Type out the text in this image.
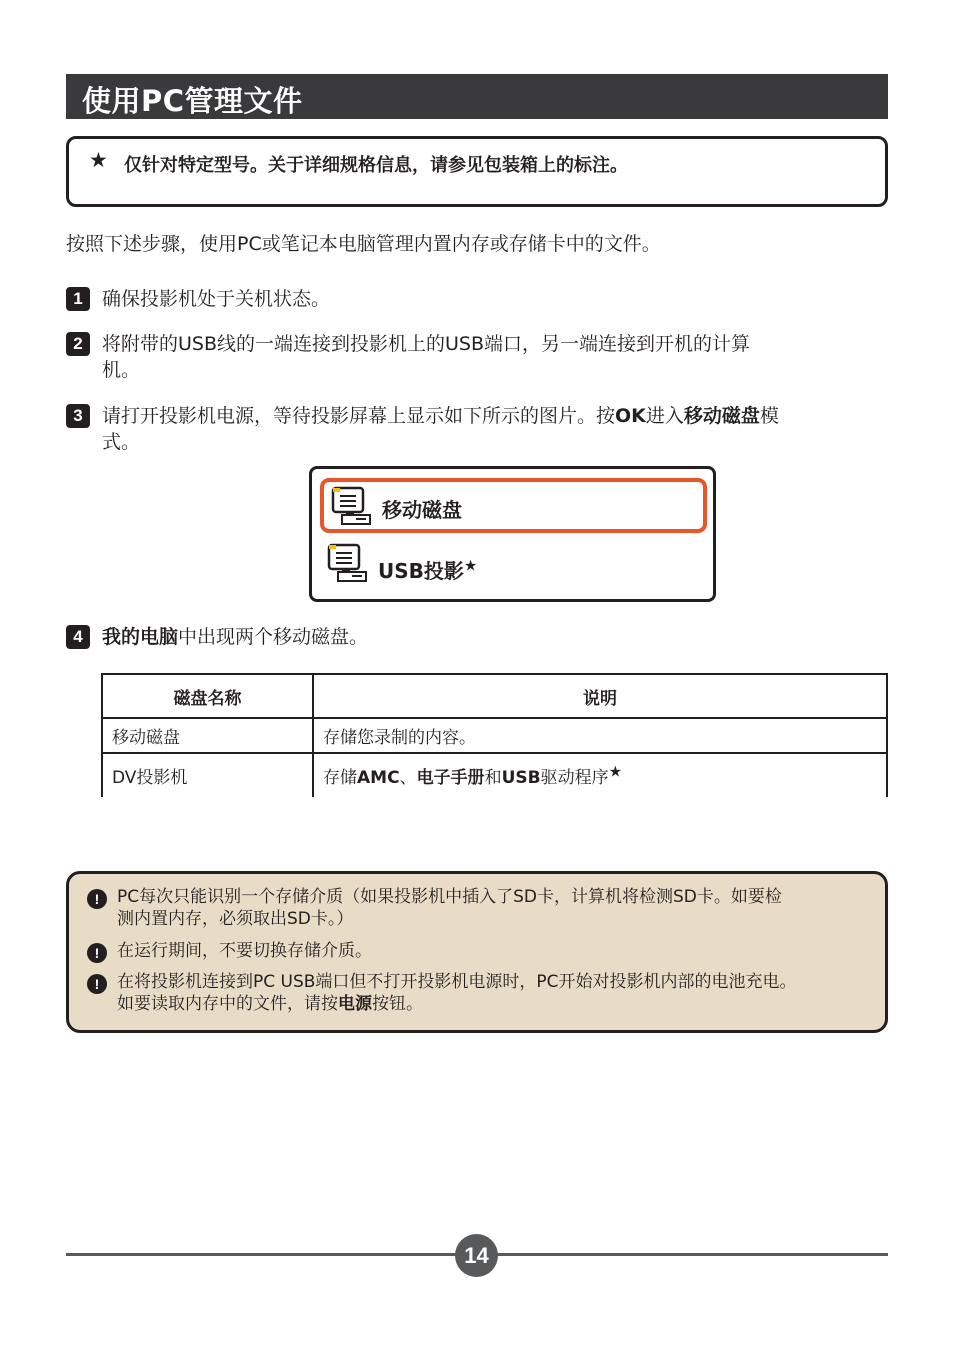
使用PC管理文件
★ 仅针对特定型号。关于详细规格信息，请参见包装箱上的标注。
按照下述步骤，使用PC或笔记本电脑管理内置内存或存储卡中的文件。
1	确保投影机处于关机状态。
2	将附带的USB线的一端连接到投影机上的USB端口，另一端连接到开机的计算
机。
3	请打开投影机电源，等待投影屏幕上显示如下所示的图片。按OK进入移动磁盘模
式。
移动磁盘
USB投影★
4	我的电脑中出现两个移动磁盘。
磁盘名称	说明
移动磁盘	存储您录制的内容。
DV投影机	存储AMC、电子手册和USB驱动程序★
!	PC每次只能识别一个存储介质（如果投影机中插入了SD卡，计算机将检测SD卡。如要检
测内置内存，必须取出SD卡。）
!	在运行期间，不要切换存储介质。
!	在将投影机连接到PC USB端口但不打开投影机电源时，PC开始对投影机内部的电池充电。
如要读取内存中的文件，请按电源按钮。
14
